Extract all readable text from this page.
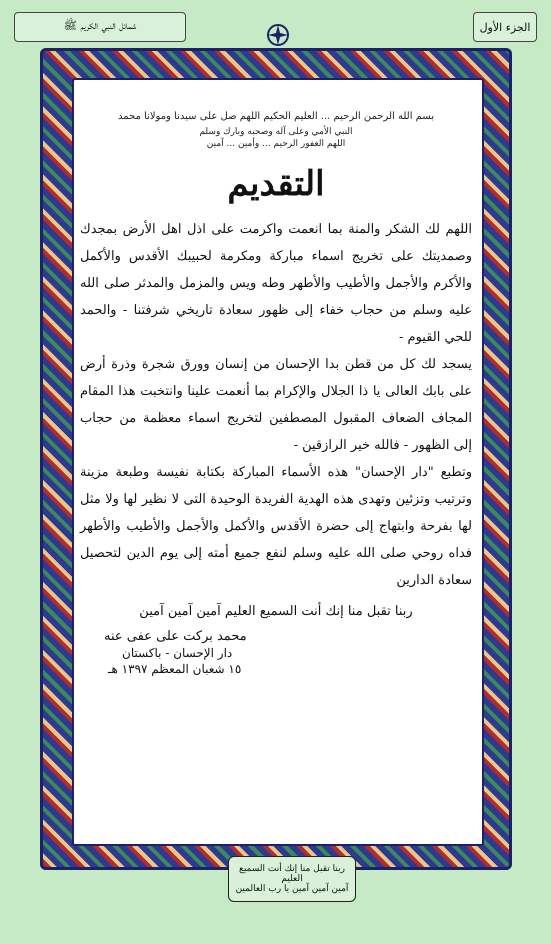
شمائل النبي الكريم ﷺ	الجزء الأول

بسم الله الرحمن الرحيم ... العليم الحكيم اللهم صل على سيدنا ومولانا محمد

النبي الأمي وعلى آله وصحبه وبارك وسلم

اللهم الغفور الرحيم ... وأمين ... آمين

التقديم

اللهم لك الشكر والمنة بما انعمت واكرمت على اذل اهل الأرض بمجدك وصمديتك على تخريج اسماء مباركة ومكرمة لحبيبك الأقدس والأكمل والأكرم والأجمل والأطيب والأطهر وطه ويس والمزمل والمدثر صلى الله عليه وسلم من حجاب خفاء إلى ظهور سعادة تاريخي شرفتنا - والحمد للحي القيوم -

يسجد لك كل من قطن بدا الإحسان من إنسان وورق شجرة وذرة أرض على بابك العالى يا ذا الجلال والإكرام بما أنعمت علينا وانتخبت هذا المقام المجاف الضعاف المقبول المصطفين لتخريج اسماء معظمة من حجاب إلى الظهور - فالله خير الرازقين -

وتطبع "دار الإحسان" هذه الأسماء المباركة بكتابة نفيسة وطبعة مزينة وترتيب وتزئين وتهدى هذه الهدية الفريدة الوحيدة التى لا نظير لها ولا مثل لها بفرحة وابتهاج إلى حضرة الأقدس والأكمل والأجمل والأطيب والأطهر فداه روحي صلى الله عليه وسلم لنفع جميع أمته إلى يوم الدين لتحصيل سعادة الدارين

ربنا تقبل منا إنك أنت السميع العليم آمين آمين آمين
محمد بركت على عفى عنه
دار الإحسان - باكستان
١٥ شعبان المعظم ١٣٩٧ هـ
ربنا تقبل منا إنك أنت السميع العليم
آمين آمين آمين يا رب العالمين
